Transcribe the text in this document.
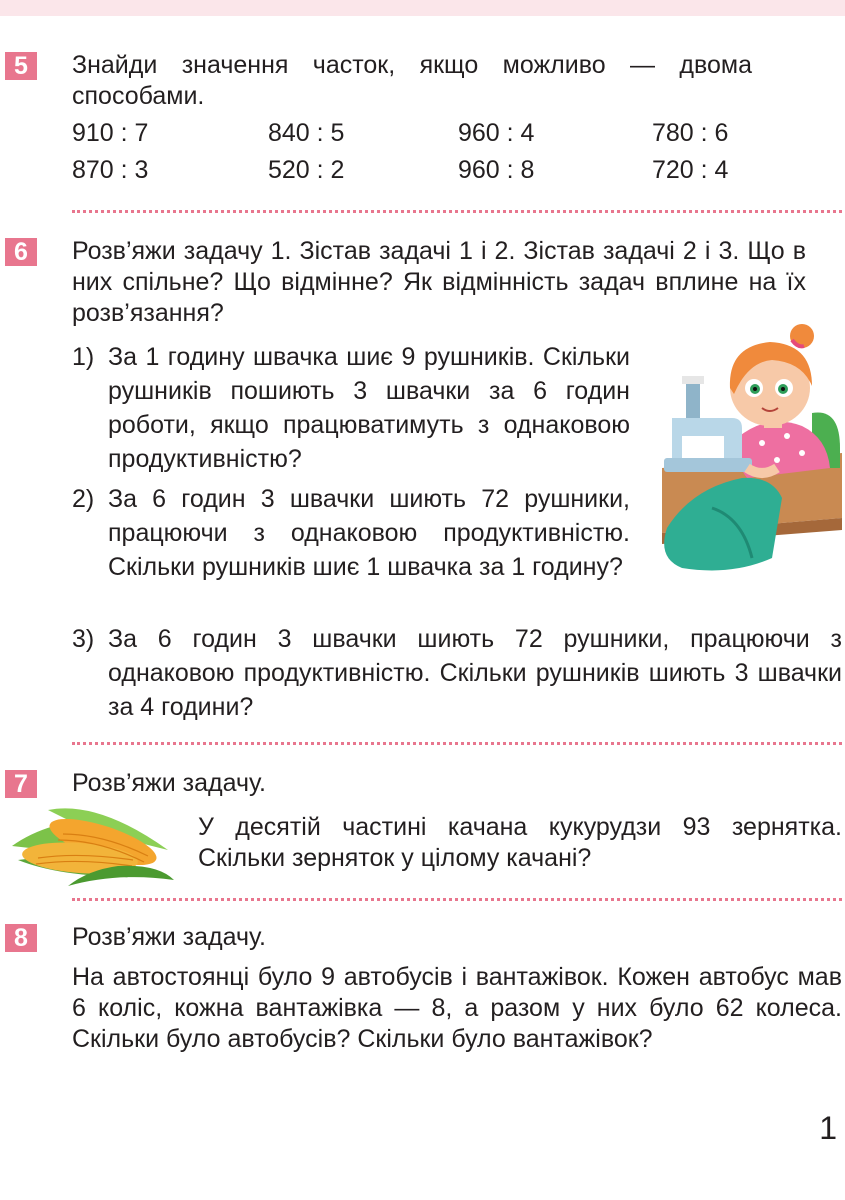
5	Знайди значення часток, якщо можливо — двома способами.

910 : 7	840 : 5	960 : 4	780 : 6
870 : 3	520 : 2	960 : 8	720 : 4
6	Розв’яжи задачу 1. Зістав задачі 1 і 2. Зістав задачі 2 і 3. Що в них спільне? Що відмінне? Як відмінність задач вплине на їх розв’язання?

1) За 1 годину швачка шиє 9 рушників. Скільки рушників пошиють 3 швачки за 6 годин роботи, якщо працюватимуть з однаковою продуктивністю?

2) За 6 годин 3 швачки шиють 72 рушники, працюючи з однаковою продуктивністю. Скільки рушників шиє 1 швачка за 1 годину?

3) За 6 годин 3 швачки шиють 72 рушники, працюючи з однаковою продуктивністю. Скільки рушників шиють 3 швачки за 4 години?

7	Розв’яжи задачу.

У десятій частині качана кукурудзи 93 зернятка. Скільки зерняток у цілому качані?

8	Розв’яжи задачу.

На автостоянці було 9 автобусів і вантажівок. Кожен автобус мав 6 коліс, кожна вантажівка — 8, а разом у них було 62 колеса. Скільки було автобусів? Скільки було вантажівок?

1
